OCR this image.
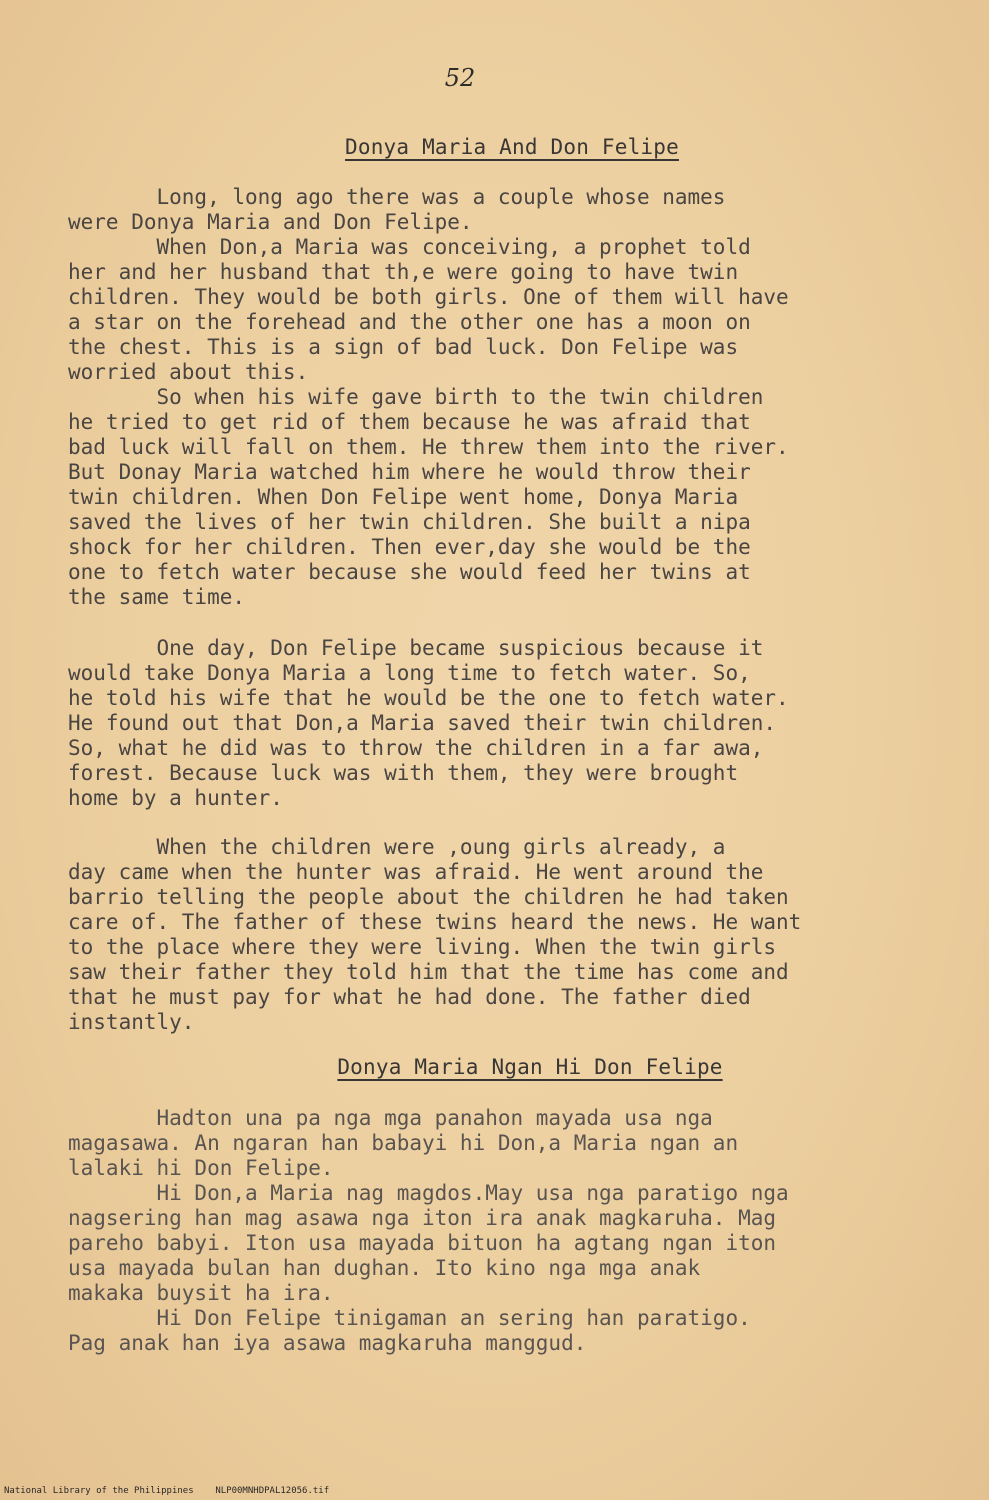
52
Donya Maria And Don Felipe
Long, long ago there was a couple whose names
were Donya Maria and Don Felipe.
When Don,a Maria was conceiving, a prophet told
her and her husband that th,e were going to have twin
children. They would be both girls. One of them will have
a star on the forehead and the other one has a moon on
the chest. This is a sign of bad luck. Don Felipe was
worried about this.
So when his wife gave birth to the twin children
he tried to get rid of them because he was afraid that
bad luck will fall on them. He threw them into the river.
But Donay Maria watched him where he would throw their
twin children. When Don Felipe went home, Donya Maria
saved the lives of her twin children. She built a nipa
shock for her children. Then ever,day she would be the
one to fetch water because she would feed her twins at
the same time.
One day, Don Felipe became suspicious because it
would take Donya Maria a long time to fetch water. So,
he told his wife that he would be the one to fetch water.
He found out that Don,a Maria saved their twin children.
So, what he did was to throw the children in a far awa,
forest. Because luck was with them, they were brought
home by a hunter.
When the children were ,oung girls already, a
day came when the hunter was afraid. He went around the
barrio telling the people about the children he had taken
care of. The father of these twins heard the news. He want
to the place where they were living. When the twin girls
saw their father they told him that the time has come and
that he must pay for what he had done. The father died
instantly.
Donya Maria Ngan Hi Don Felipe
Hadton una pa nga mga panahon mayada usa nga
magasawa. An ngaran han babayi hi Don,a Maria ngan an
lalaki hi Don Felipe.
Hi Don,a Maria nag magdos.May usa nga paratigo nga
nagsering han mag asawa nga iton ira anak magkaruha. Mag
pareho babyi. Iton usa mayada bituon ha agtang ngan iton
usa mayada bulan han dughan. Ito kino nga mga anak
makaka buysit ha ira.
Hi Don Felipe tinigaman an sering han paratigo.
Pag anak han iya asawa magkaruha manggud.
National Library of the Philippines NLP00MNHDPAL12056.tif
